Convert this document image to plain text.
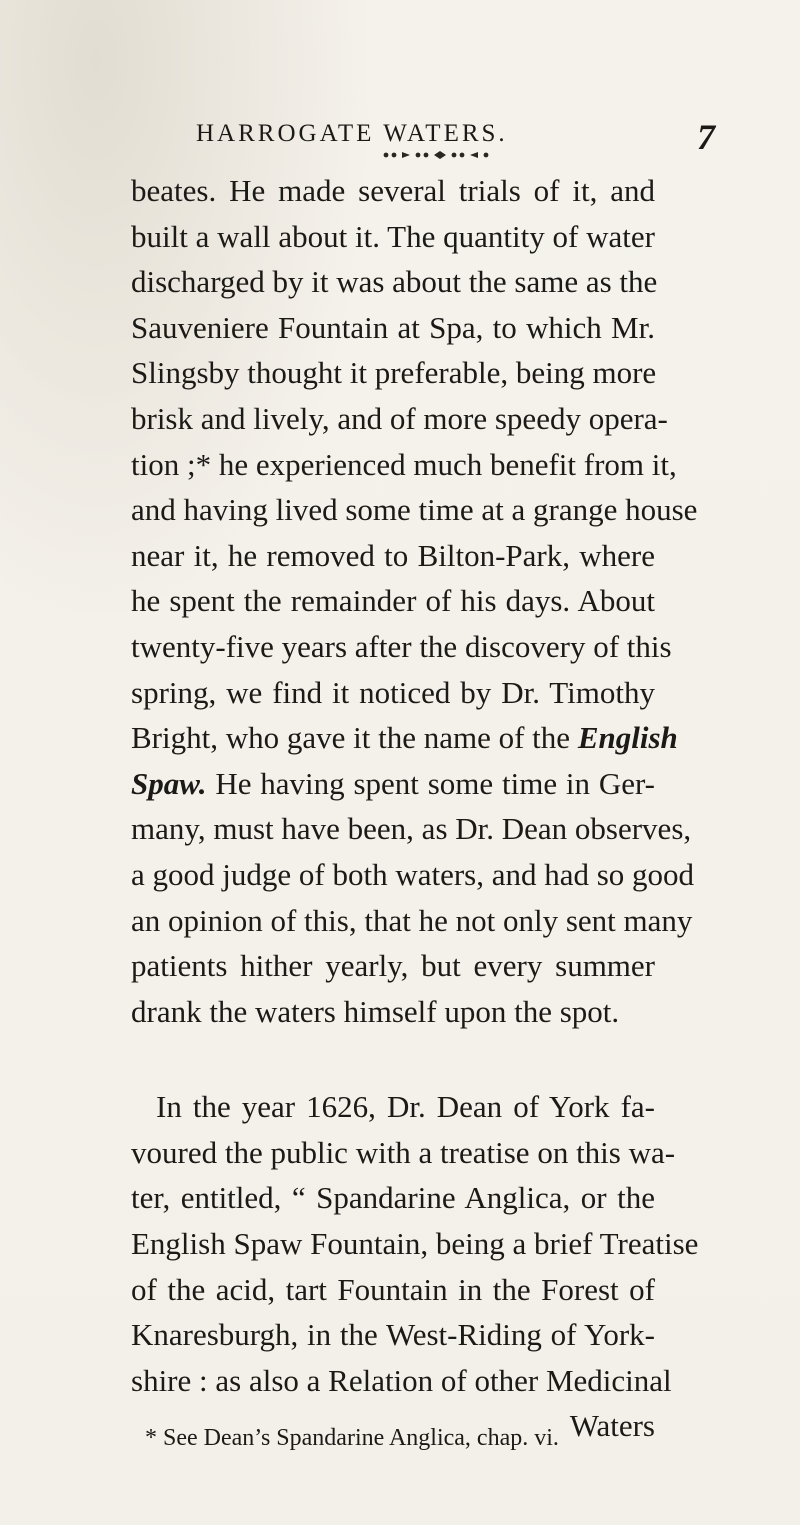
HARROGATE WATERS.	7
beates. He made several trials of it, and
built a wall about it. The quantity of water
discharged by it was about the same as the
Sauveniere Fountain at Spa, to which Mr.
Slingsby thought it preferable, being more
brisk and lively, and of more speedy opera-
tion ;* he experienced much benefit from it,
and having lived some time at a grange house
near it, he removed to Bilton-Park, where
he spent the remainder of his days. About
twenty-five years after the discovery of this
spring, we find it noticed by Dr. Timothy
Bright, who gave it the name of the English
Spaw. He having spent some time in Ger-
many, must have been, as Dr. Dean observes,
a good judge of both waters, and had so good
an opinion of this, that he not only sent many
patients hither yearly, but every summer
drank the waters himself upon the spot.
In the year 1626, Dr. Dean of York fa-
voured the public with a treatise on this wa-
ter, entitled, “ Spandarine Anglica, or the
English Spaw Fountain, being a brief Treatise
of the acid, tart Fountain in the Forest of
Knaresburgh, in the West-Riding of York-
shire : as also a Relation of other Medicinal
Waters
* See Dean’s Spandarine Anglica, chap. vi.
